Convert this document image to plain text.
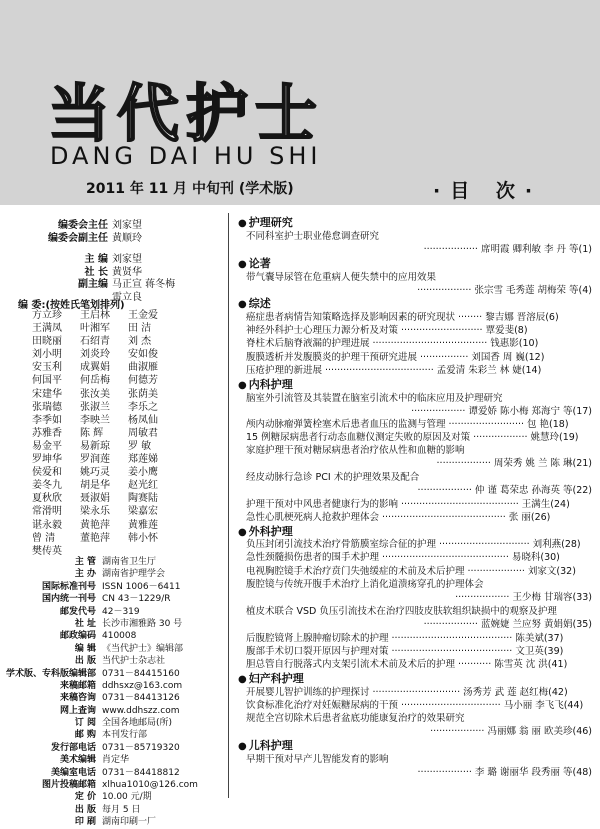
当代护士
DANG DAI HU SHI
2011 年 11 月 中旬刊 (学术版)	·目 次·
编委会主任 刘家望
编委会副主任 黄顺玲
主 编 刘家望
社 长 黄贤华
副主编 马正宣 蒋冬梅
雷立良
编 委:(按姓氏笔划排列)
方立珍 王启林 王金爱
王满凤 叶湘军 田 洁
田晓丽 石绍青 刘 杰
刘小明 刘炎玲 安如俊
安玉利 成翼娟 曲淑雁
何国平 何岳梅 何德芳
宋建华 张汝美 张荫美
张瑞德 张淑兰 李乐之
李季如 李映兰 杨凤仙
苏雅香 陈 辉 周敏君
易金平 易新琼 罗 敏
罗坤华 罗润莲 郑莲娣
侯爱和 姚巧灵 姜小鹰
姜冬九 胡是华 赵光红
夏秋欣 聂淑娟 陶赛陆
常滑明 梁永乐 梁嘉宏
谌永毅 黄艳萍 黄雅莲
曾 清 董艳萍 韩小怀
樊传英
主 管 湖南省卫生厅
主 办 湖南省护理学会
国际标准刊号 ISSN 1006－6411
国内统一刊号 CN 43－1229/R
邮发代号 42－319
社 址 长沙市湘雅路 30 号
邮政编码 410008
编 辑 《当代护士》编辑部
出 版 当代护士杂志社
学术版、专科版编辑部 0731－84415160
来稿邮箱 ddhsxz@163.com
来稿咨询 0731－84413126
网上查询 www.ddhszz.com
订 阅 全国各地邮局(所)
邮 购 本刊发行部
发行部电话 0731－85719320
美术编辑 肖定华
美编室电话 0731－84418812
图片投稿邮箱 xlhua1010@126.com
定 价 10.00 元/期
出 版 每月 5 日
印 刷 湖南印刷一厂
● 护理研究
不同科室护士职业倦怠调查研究
·················· 席明霞 卿利敏 李 丹 等(1)
● 论著
带气囊导尿管在危重病人便失禁中的应用效果
·················· 张宗雪 毛秀莲 胡梅荣 等(4)
● 综述
癌症患者病情告知策略选择及影响因素的研究现状 ········ 黎吉娜 晋溶辰(6)
神经外科护士心理压力源分析及对策 ··························· 覃爱斐(8)
脊柱术后脑脊液漏的护理进展 ······································ 钱惠影(10)
腹膜透析并发腹膜炎的护理干预研究进展 ················ 刘国香 周 巍(12)
压疮护理的新进展 ···································· 孟爱清 朱彩兰 林 婕(14)
● 内科护理
脑室外引流管及其装置在脑室引流术中的临床应用及护理研究
·················· 谭爱娇 陈小梅 郑海宁 等(17)
颅内动脉瘤弹簧栓塞术后患者血压的监测与管理 ························· 包 艳(18)
15 例糖尿病患者行动态血糖仪测定失败的原因及对策 ·················· 姚慧玲(19)
家庭护理干预对糖尿病患者治疗依从性和血糖的影响
·················· 周荣秀 姚 兰 陈 琳(21)
经皮动脉行急诊 PCI 术的护理效果及配合
·················· 仲 谨 葛荣忠 孙海英 等(22)
护理干预对中风患者健康行为的影响 ······································· 王满生(24)
急性心肌梗死病人抢救护理体会 ········································· 张 丽(26)
● 外科护理
负压封闭引流技术治疗骨筋膜室综合征的护理 ······························ 刘利燕(28)
急性颈髓损伤患者的围手术护理 ·········································· 易晓科(30)
电视胸腔镜手术治疗贲门失弛缓症的术前及术后护理 ··················· 刘家文(32)
腹腔镜与传统开腹手术治疗上消化道溃疡穿孔的护理体会
·················· 王少梅 甘瑞容(33)
植皮术联合 VSD 负压引流技术在治疗四肢皮肤软组织缺损中的观察及护理
·················· 蓝婉婕 兰应努 黄娟娟(35)
后腹腔镜肾上腺肿瘤切除术的护理 ········································ 陈美斌(37)
腹部手术切口裂开原因与护理对策 ········································ 文卫英(39)
胆总管自行脱落式内支架引流术术前及术后的护理 ··········· 陈雪英 沈 洪(41)
● 妇产科护理
开展婴儿智护训练的护理探讨 ····························· 汤秀芳 武 莲 赵红梅(42)
饮食标准化治疗对妊娠糖尿病的干预 ································· 马小丽 李飞飞(44)
规范全宫切除术后患者盆底功能康复治疗的效果研究
·················· 冯丽娜 翁 丽 欧美珍(46)
● 儿科护理
早期干预对早产儿智能发育的影响
·················· 李 璐 谢丽华 段秀丽 等(48)
